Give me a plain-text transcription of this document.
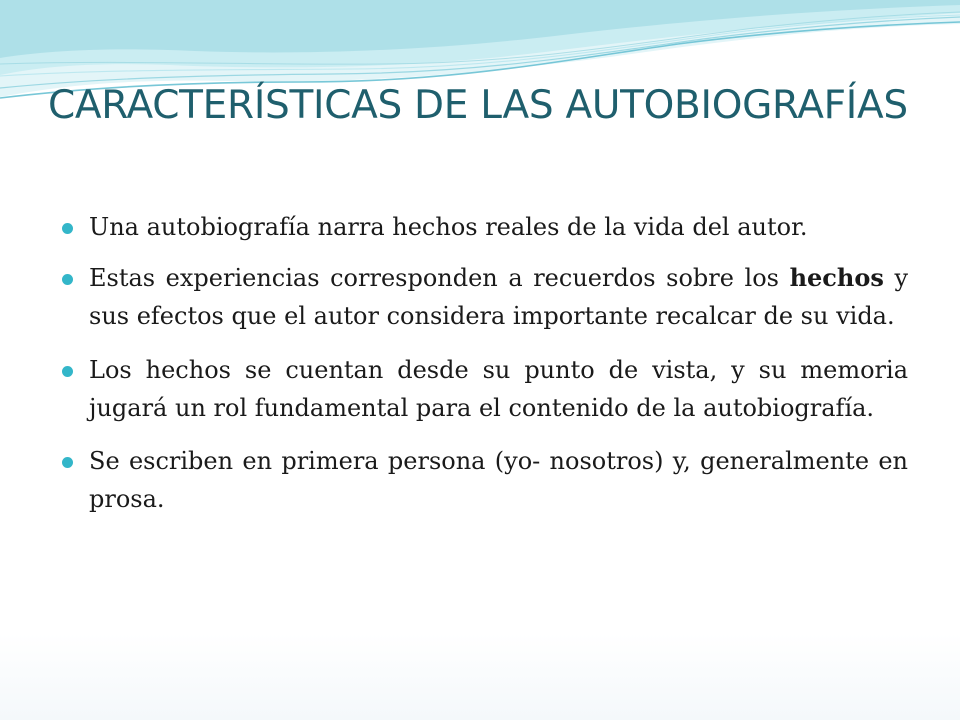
CARACTERÍSTICAS DE LAS AUTOBIOGRAFÍAS
Una autobiografía narra hechos reales de la vida del autor.
Estas experiencias corresponden a recuerdos sobre los hechos y sus efectos que el autor considera importante recalcar de su vida.
Los hechos se cuentan desde su punto de vista, y su memoria jugará un rol fundamental para el contenido de la autobiografía.
Se escriben en primera persona (yo- nosotros) y, generalmente en prosa.
